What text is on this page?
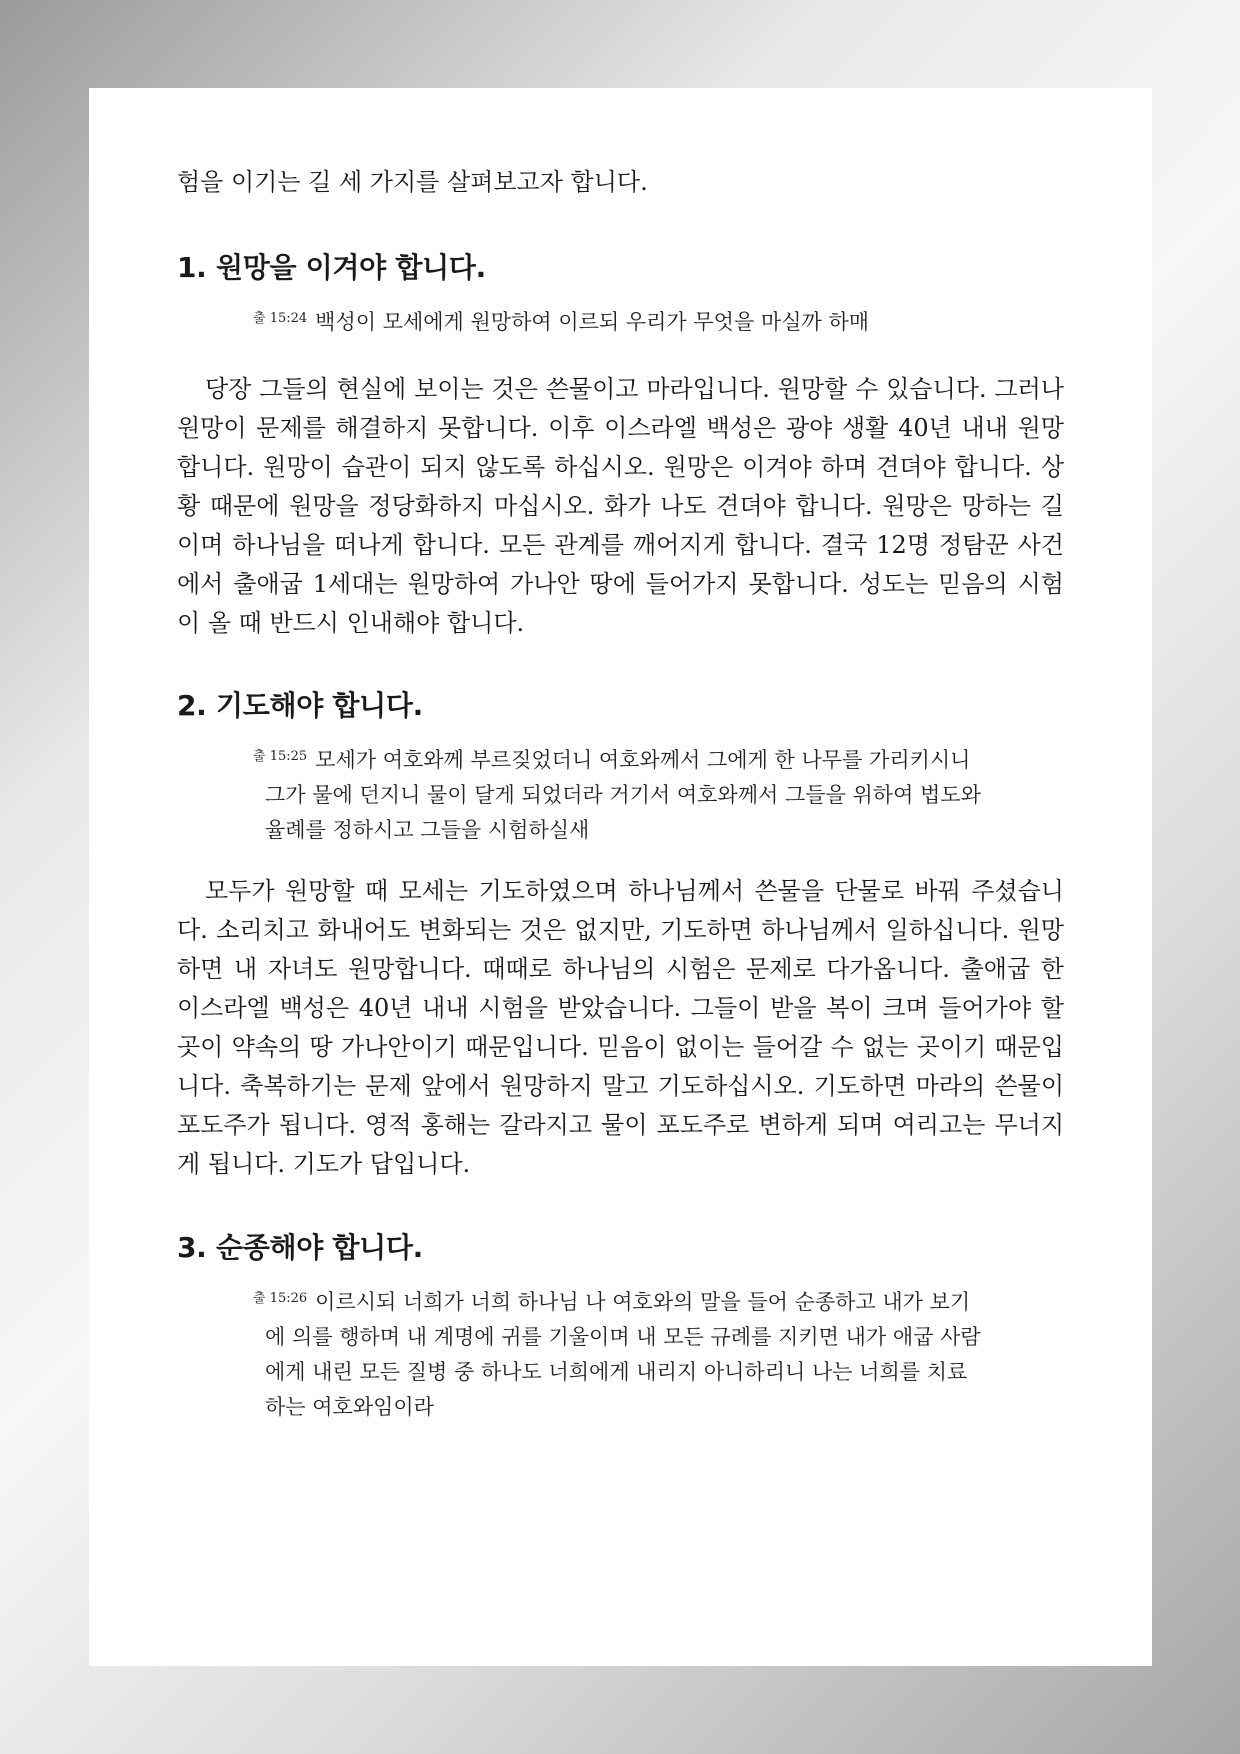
험을 이기는 길 세 가지를 살펴보고자 합니다.

1. 원망을 이겨야 합니다.

$^{출 15:24}$ 백성이 모세에게 원망하여 이르되 우리가 무엇을 마실까 하매

당장 그들의 현실에 보이는 것은 쓴물이고 마라입니다. 원망할 수 있습니다. 그러나 원망이 문제를 해결하지 못합니다. 이후 이스라엘 백성은 광야 생활 40년 내내 원망합니다. 원망이 습관이 되지 않도록 하십시오. 원망은 이겨야 하며 견뎌야 합니다. 상황 때문에 원망을 정당화하지 마십시오. 화가 나도 견뎌야 합니다. 원망은 망하는 길이며 하나님을 떠나게 합니다. 모든 관계를 깨어지게 합니다. 결국 12명 정탐꾼 사건에서 출애굽 1세대는 원망하여 가나안 땅에 들어가지 못합니다. 성도는 믿음의 시험이 올 때 반드시 인내해야 합니다.

2. 기도해야 합니다.

$^{출 15:25}$ 모세가 여호와께 부르짖었더니 여호와께서 그에게 한 나무를 가리키시니 그가 물에 던지니 물이 달게 되었더라 거기서 여호와께서 그들을 위하여 법도와 율례를 정하시고 그들을 시험하실새

모두가 원망할 때 모세는 기도하였으며 하나님께서 쓴물을 단물로 바꿔 주셨습니다. 소리치고 화내어도 변화되는 것은 없지만, 기도하면 하나님께서 일하십니다. 원망하면 내 자녀도 원망합니다. 때때로 하나님의 시험은 문제로 다가옵니다. 출애굽 한 이스라엘 백성은 40년 내내 시험을 받았습니다. 그들이 받을 복이 크며 들어가야 할 곳이 약속의 땅 가나안이기 때문입니다. 믿음이 없이는 들어갈 수 없는 곳이기 때문입니다. 축복하기는 문제 앞에서 원망하지 말고 기도하십시오. 기도하면 마라의 쓴물이 포도주가 됩니다. 영적 홍해는 갈라지고 물이 포도주로 변하게 되며 여리고는 무너지게 됩니다. 기도가 답입니다.

3. 순종해야 합니다.

$^{출 15:26}$ 이르시되 너희가 너희 하나님 나 여호와의 말을 들어 순종하고 내가 보기에 의를 행하며 내 계명에 귀를 기울이며 내 모든 규례를 지키면 내가 애굽 사람에게 내린 모든 질병 중 하나도 너희에게 내리지 아니하리니 나는 너희를 치료하는 여호와임이라
